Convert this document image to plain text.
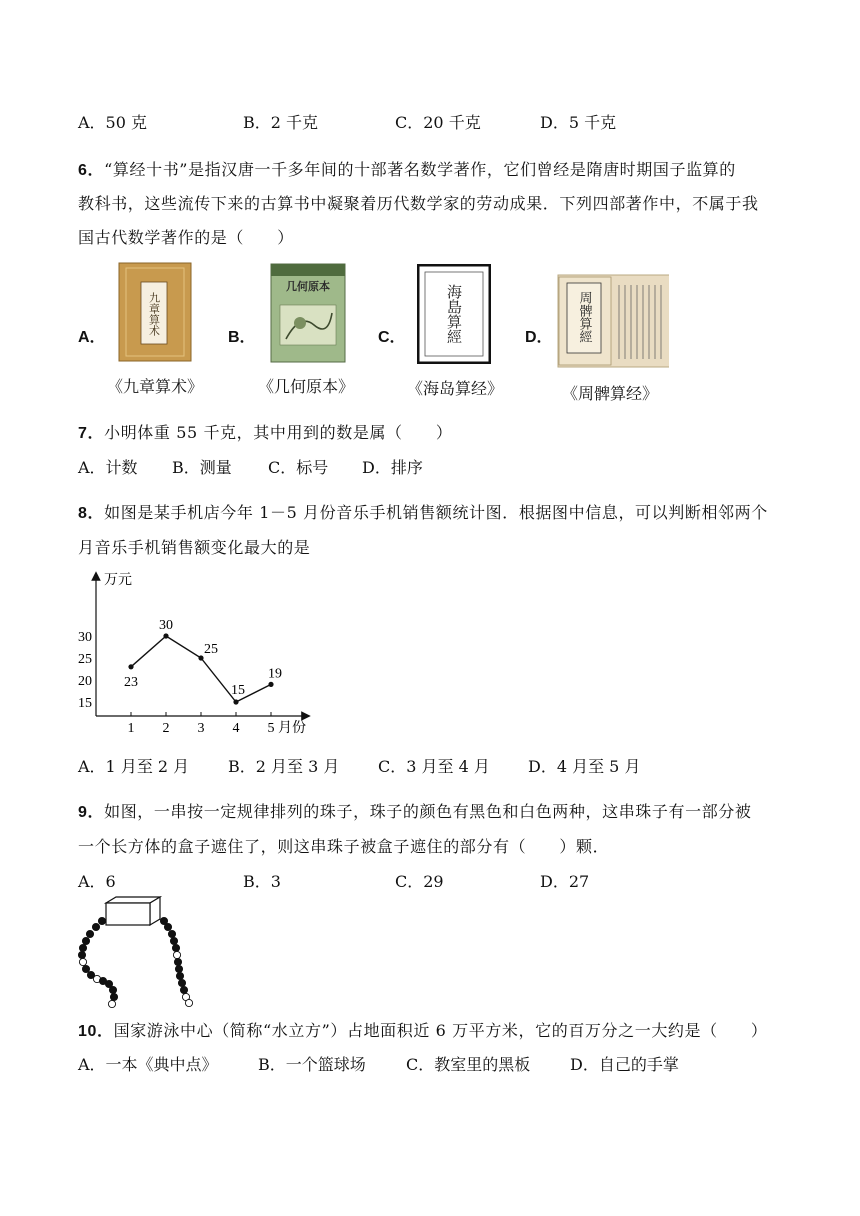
A．50 克	B．2 千克	C．20 千克	D．5 千克
6．“算经十书”是指汉唐一千多年间的十部著名数学著作，它们曾经是隋唐时期国子监算的
教科书，这些流传下来的古算书中凝聚着历代数学家的劳动成果．下列四部著作中，不属于我
国古代数学著作的是（　　）
A．	B．	C．	D．
九章算术
几何原本	海島算經	周髀算經
《九章算术》	《几何原本》	《海岛算经》	《周髀算经》
7．小明体重 55 千克，其中用到的数是属（　　）
A．计数 B．测量 C．标号 D．排序
8．如图是某手机店今年 1－5 月份音乐手机销售额统计图．根据图中信息，可以判断相邻两个
月音乐手机销售额变化最大的是
万元
月份
15
20
25
30
1 2 3 4 5
23
30
25
15
19
A．1 月至 2 月 B．2 月至 3 月 C．3 月至 4 月 D．4 月至 5 月
9．如图，一串按一定规律排列的珠子，珠子的颜色有黑色和白色两种，这串珠子有一部分被
一个长方体的盒子遮住了，则这串珠子被盒子遮住的部分有（　　）颗．
A．6	B．3	C．29	D．27
10．国家游泳中心（简称“水立方”）占地面积近 6 万平方米，它的百万分之一大约是（　　）
A．一本《典中点》	B．一个篮球场	C．教室里的黑板 D．自己的手掌
